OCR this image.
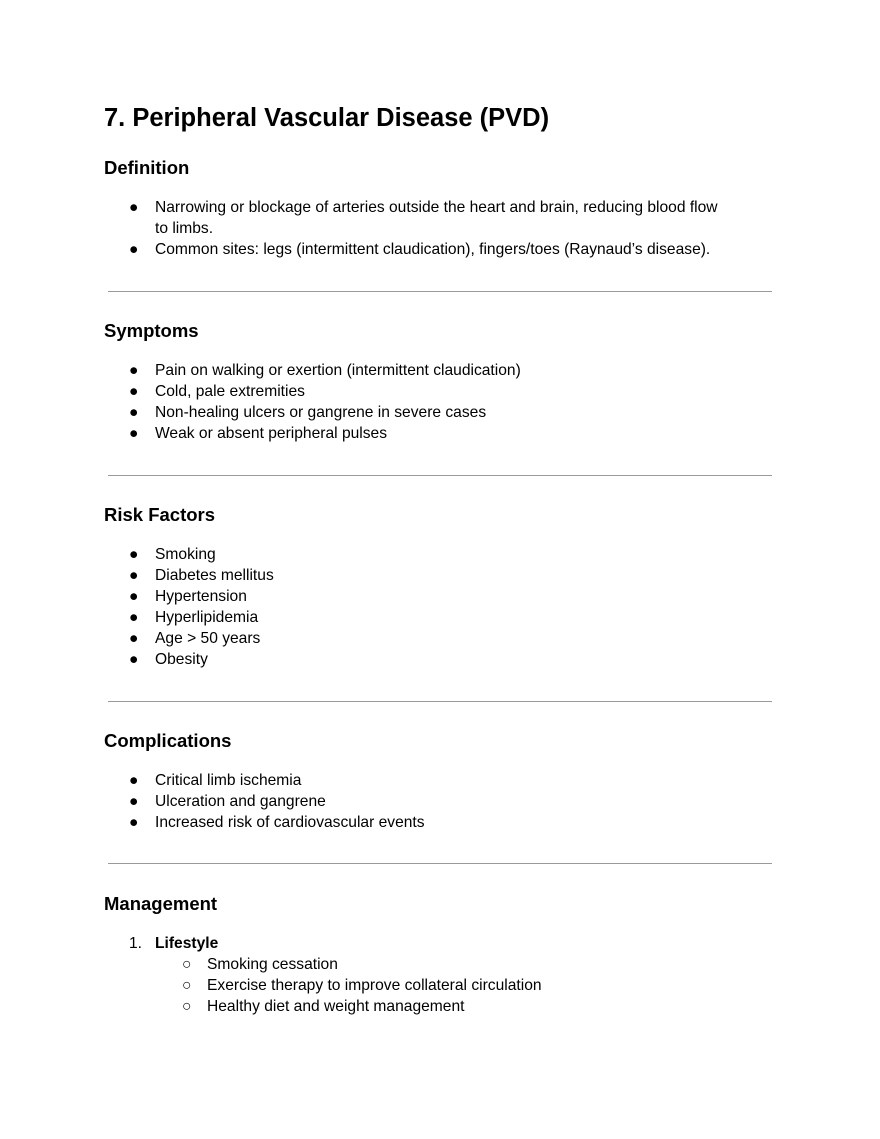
7. Peripheral Vascular Disease (PVD)
Definition
● Narrowing or blockage of arteries outside the heart and brain, reducing blood flow to limbs.
● Common sites: legs (intermittent claudication), fingers/toes (Raynaud’s disease).
Symptoms
● Pain on walking or exertion (intermittent claudication)
● Cold, pale extremities
● Non-healing ulcers or gangrene in severe cases
● Weak or absent peripheral pulses
Risk Factors
● Smoking
● Diabetes mellitus
● Hypertension
● Hyperlipidemia
● Age > 50 years
● Obesity
Complications
● Critical limb ischemia
● Ulceration and gangrene
● Increased risk of cardiovascular events
Management
1. Lifestyle
○ Smoking cessation
○ Exercise therapy to improve collateral circulation
○ Healthy diet and weight management
